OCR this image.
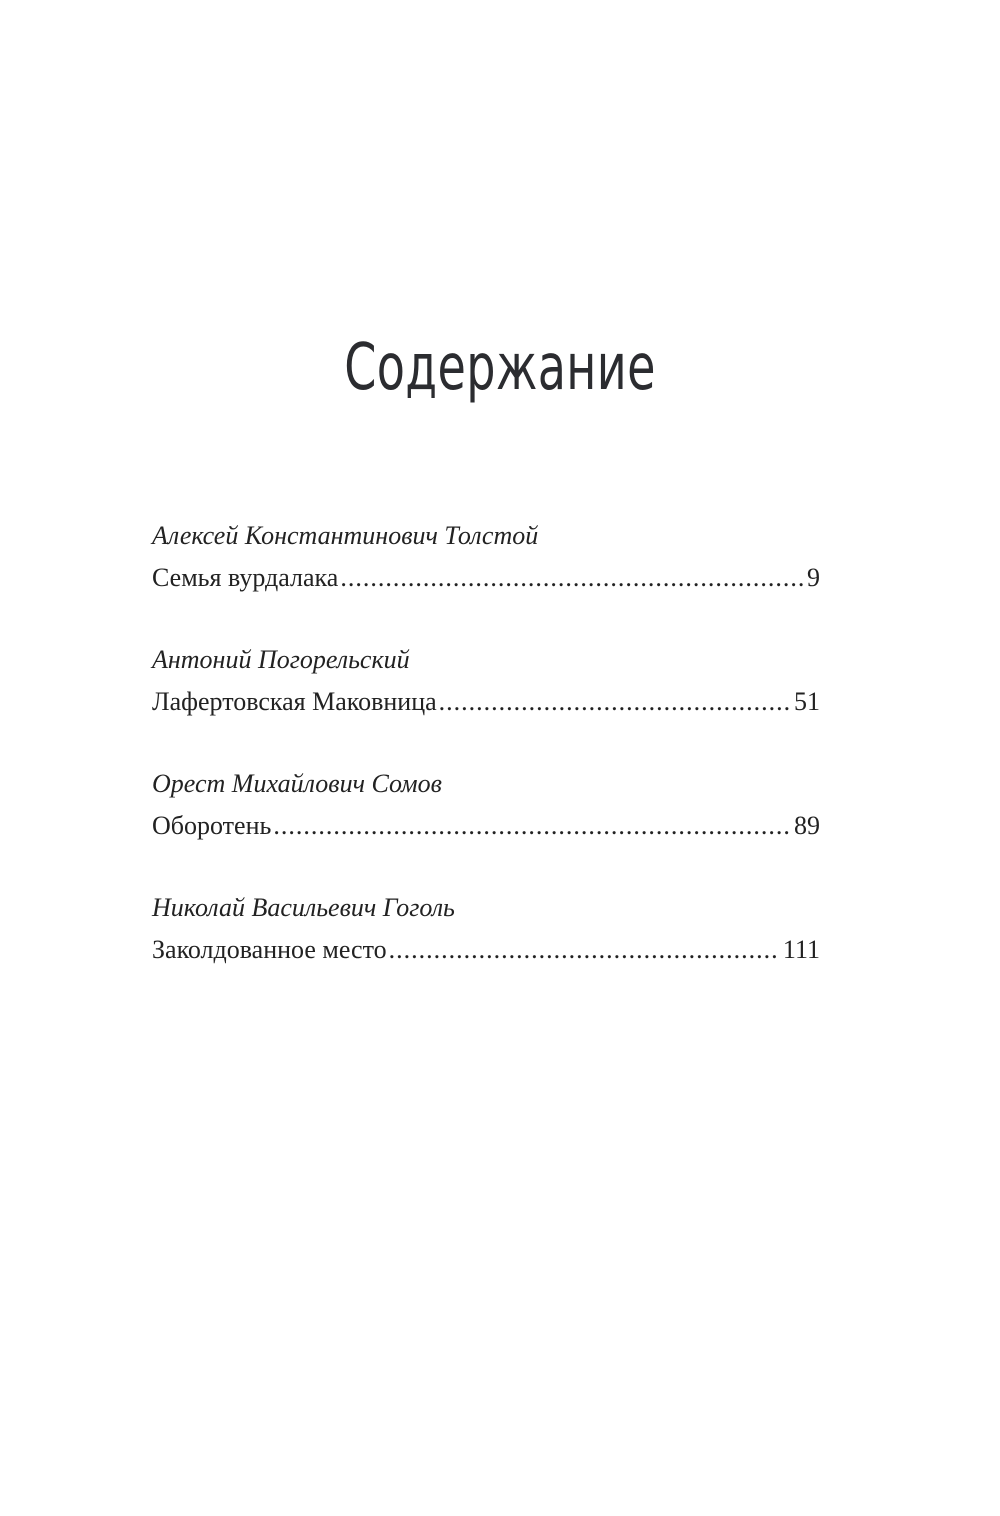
Содержание
Алексей Константинович Толстой
Семья вурдалака .....	9
Антоний Погорельский
Лафертовская Маковница .....	51
Орест Михайлович Сомов
Оборотень .....	89
Николай Васильевич Гоголь
Заколдованное место .....	111
